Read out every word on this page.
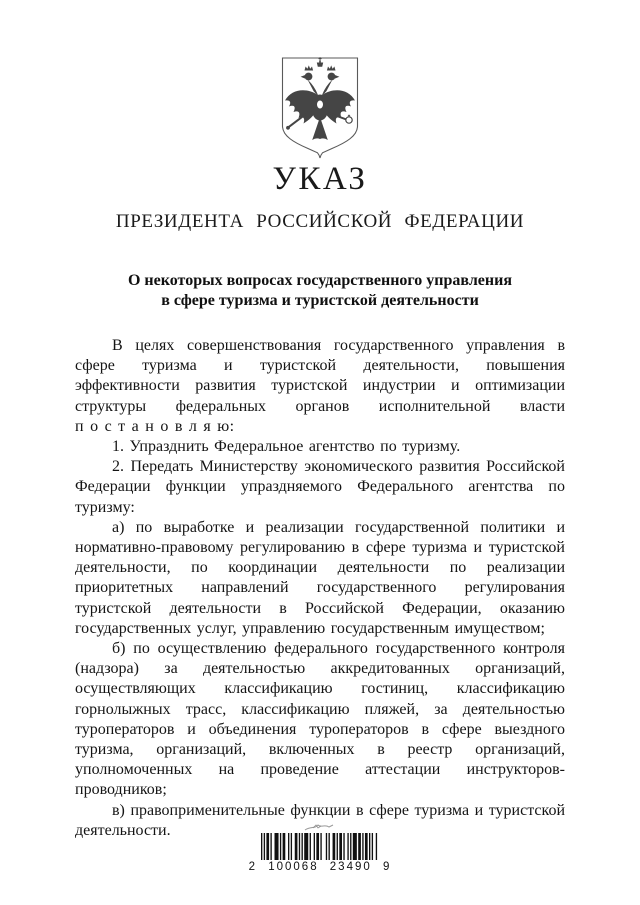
УКАЗ
ПРЕЗИДЕНТА РОССИЙСКОЙ ФЕДЕРАЦИИ
О некоторых вопросах государственного управления
в сфере туризма и туристской деятельности

В целях совершенствования государственного управления в сфере туризма и туристской деятельности, повышения эффективности развития туристской индустрии и оптимизации структуры федеральных органов исполнительной власти

п о с т а н о в л я ю:

1. Упразднить Федеральное агентство по туризму.

2. Передать Министерству экономического развития Российской Федерации функции упраздняемого Федерального агентства по туризму:

а) по выработке и реализации государственной политики и нормативно-правовому регулированию в сфере туризма и туристской деятельности, по координации деятельности по реализации приоритетных направлений государственного регулирования туристской деятельности в Российской Федерации, оказанию государственных услуг, управлению государственным имуществом;

б) по осуществлению федерального государственного контроля (надзора) за деятельностью аккредитованных организаций, осуществляющих классификацию гостиниц, классификацию горнолыжных трасс, классификацию пляжей, за деятельностью туроператоров и объединения туроператоров в сфере выездного туризма, организаций, включенных в реестр организаций, уполномоченных на проведение аттестации инструкторов-проводников;

в) правоприменительные функции в сфере туризма и туристской деятельности.

2 100068 23490 9
